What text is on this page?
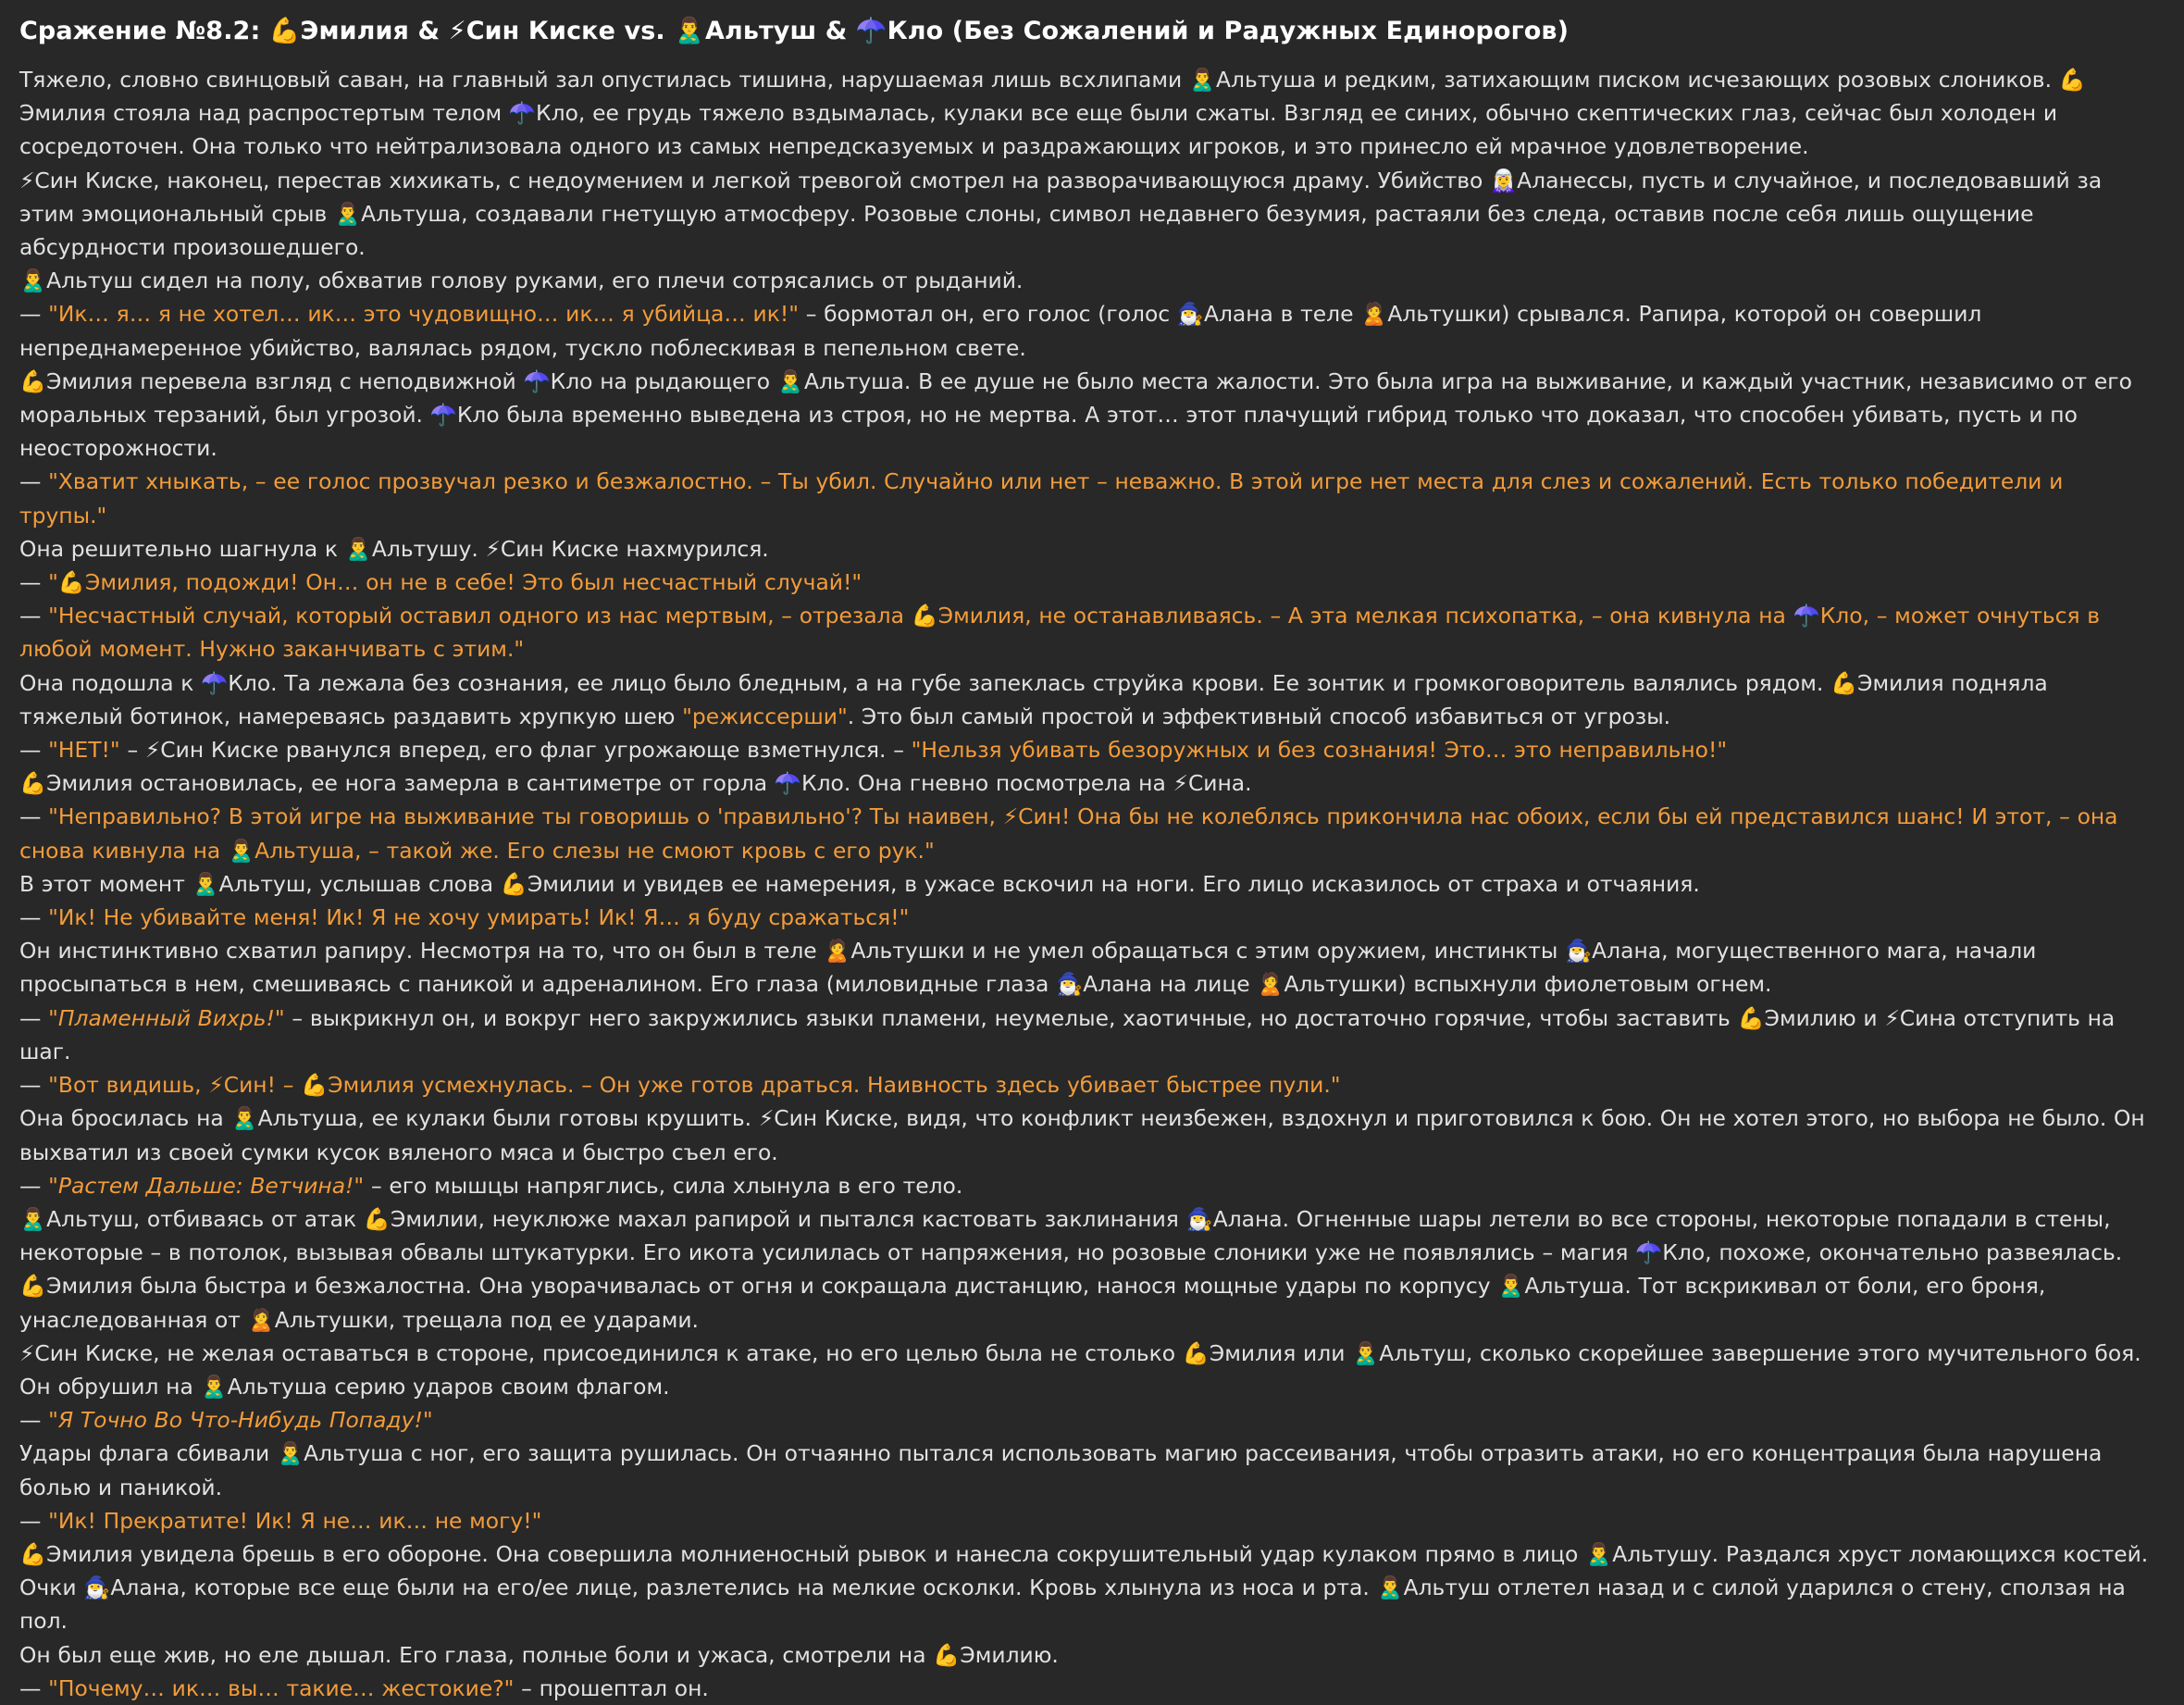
Сражение №8.2: 💪Эмилия & ⚡Син Киске vs. 🙎‍♂️Альтуш & ☂️Кло (Без Сожалений и Радужных Единорогов)
Тяжело, словно свинцовый саван, на главный зал опустилась тишина, нарушаемая лишь всхлипами 🙎‍♂️Альтуша и редким, затихающим писком исчезающих розовых слоников. 💪Эмилия стояла над распростертым телом ☂️Кло, ее грудь тяжело вздымалась, кулаки все еще были сжаты. Взгляд ее синих, обычно скептических глаз, сейчас был холоден и сосредоточен. Она только что нейтрализовала одного из самых непредсказуемых и раздражающих игроков, и это принесло ей мрачное удовлетворение.
⚡Син Киске, наконец, перестав хихикать, с недоумением и легкой тревогой смотрел на разворачивающуюся драму. Убийство 🧝‍♀️Аланессы, пусть и случайное, и последовавший за этим эмоциональный срыв 🙎‍♂️Альтуша, создавали гнетущую атмосферу. Розовые слоны, символ недавнего безумия, растаяли без следа, оставив после себя лишь ощущение абсурдности произошедшего.
🙎‍♂️Альтуш сидел на полу, обхватив голову руками, его плечи сотрясались от рыданий.
— "Ик… я… я не хотел… ик… это чудовищно… ик… я убийца… ик!" – бормотал он, его голос (голос 🧙‍♂️Алана в теле 🙎Альтушки) срывался. Рапира, которой он совершил непреднамеренное убийство, валялась рядом, тускло поблескивая в пепельном свете.
💪Эмилия перевела взгляд с неподвижной ☂️Кло на рыдающего 🙎‍♂️Альтуша. В ее душе не было места жалости. Это была игра на выживание, и каждый участник, независимо от его моральных терзаний, был угрозой. ☂️Кло была временно выведена из строя, но не мертва. А этот… этот плачущий гибрид только что доказал, что способен убивать, пусть и по неосторожности.
— "Хватит хныкать, – ее голос прозвучал резко и безжалостно. – Ты убил. Случайно или нет – неважно. В этой игре нет места для слез и сожалений. Есть только победители и трупы."
Она решительно шагнула к 🙎‍♂️Альтушу. ⚡Син Киске нахмурился.
— "💪Эмилия, подожди! Он… он не в себе! Это был несчастный случай!"
— "Несчастный случай, который оставил одного из нас мертвым, – отрезала 💪Эмилия, не останавливаясь. – А эта мелкая психопатка, – она кивнула на ☂️Кло, – может очнуться в любой момент. Нужно заканчивать с этим."
Она подошла к ☂️Кло. Та лежала без сознания, ее лицо было бледным, а на губе запеклась струйка крови. Ее зонтик и громкоговоритель валялись рядом. 💪Эмилия подняла тяжелый ботинок, намереваясь раздавить хрупкую шею "режиссерши". Это был самый простой и эффективный способ избавиться от угрозы.
— "НЕТ!" – ⚡Син Киске рванулся вперед, его флаг угрожающе взметнулся. – "Нельзя убивать безоружных и без сознания! Это… это неправильно!"
💪Эмилия остановилась, ее нога замерла в сантиметре от горла ☂️Кло. Она гневно посмотрела на ⚡Сина.
— "Неправильно? В этой игре на выживание ты говоришь о 'правильно'? Ты наивен, ⚡Син! Она бы не колеблясь прикончила нас обоих, если бы ей представился шанс! И этот, – она снова кивнула на 🙎‍♂️Альтуша, – такой же. Его слезы не смоют кровь с его рук."
В этот момент 🙎‍♂️Альтуш, услышав слова 💪Эмилии и увидев ее намерения, в ужасе вскочил на ноги. Его лицо исказилось от страха и отчаяния.
— "Ик! Не убивайте меня! Ик! Я не хочу умирать! Ик! Я… я буду сражаться!"
Он инстинктивно схватил рапиру. Несмотря на то, что он был в теле 🙎Альтушки и не умел обращаться с этим оружием, инстинкты 🧙‍♂️Алана, могущественного мага, начали просыпаться в нем, смешиваясь с паникой и адреналином. Его глаза (миловидные глаза 🧙‍♂️Алана на лице 🙎Альтушки) вспыхнули фиолетовым огнем.
— "Пламенный Вихрь!" – выкрикнул он, и вокруг него закружились языки пламени, неумелые, хаотичные, но достаточно горячие, чтобы заставить 💪Эмилию и ⚡Сина отступить на шаг.
— "Вот видишь, ⚡Син! – 💪Эмилия усмехнулась. – Он уже готов драться. Наивность здесь убивает быстрее пули."
Она бросилась на 🙎‍♂️Альтуша, ее кулаки были готовы крушить. ⚡Син Киске, видя, что конфликт неизбежен, вздохнул и приготовился к бою. Он не хотел этого, но выбора не было. Он выхватил из своей сумки кусок вяленого мяса и быстро съел его.
— "Растем Дальше: Ветчина!" – его мышцы напряглись, сила хлынула в его тело.
🙎‍♂️Альтуш, отбиваясь от атак 💪Эмилии, неуклюже махал рапирой и пытался кастовать заклинания 🧙‍♂️Алана. Огненные шары летели во все стороны, некоторые попадали в стены, некоторые – в потолок, вызывая обвалы штукатурки. Его икота усилилась от напряжения, но розовые слоники уже не появлялись – магия ☂️Кло, похоже, окончательно развеялась.
💪Эмилия была быстра и безжалостна. Она уворачивалась от огня и сокращала дистанцию, нанося мощные удары по корпусу 🙎‍♂️Альтуша. Тот вскрикивал от боли, его броня, унаследованная от 🙎Альтушки, трещала под ее ударами.
⚡Син Киске, не желая оставаться в стороне, присоединился к атаке, но его целью была не столько 💪Эмилия или 🙎‍♂️Альтуш, сколько скорейшее завершение этого мучительного боя. Он обрушил на 🙎‍♂️Альтуша серию ударов своим флагом.
— "Я Точно Во Что-Нибудь Попаду!"
Удары флага сбивали 🙎‍♂️Альтуша с ног, его защита рушилась. Он отчаянно пытался использовать магию рассеивания, чтобы отразить атаки, но его концентрация была нарушена болью и паникой.
— "Ик! Прекратите! Ик! Я не… ик… не могу!"
💪Эмилия увидела брешь в его обороне. Она совершила молниеносный рывок и нанесла сокрушительный удар кулаком прямо в лицо 🙎‍♂️Альтушу. Раздался хруст ломающихся костей. Очки 🧙‍♂️Алана, которые все еще были на его/ее лице, разлетелись на мелкие осколки. Кровь хлынула из носа и рта. 🙎‍♂️Альтуш отлетел назад и с силой ударился о стену, сползая на пол.
Он был еще жив, но еле дышал. Его глаза, полные боли и ужаса, смотрели на 💪Эмилию.
— "Почему… ик… вы… такие… жестокие?" – прошептал он.
